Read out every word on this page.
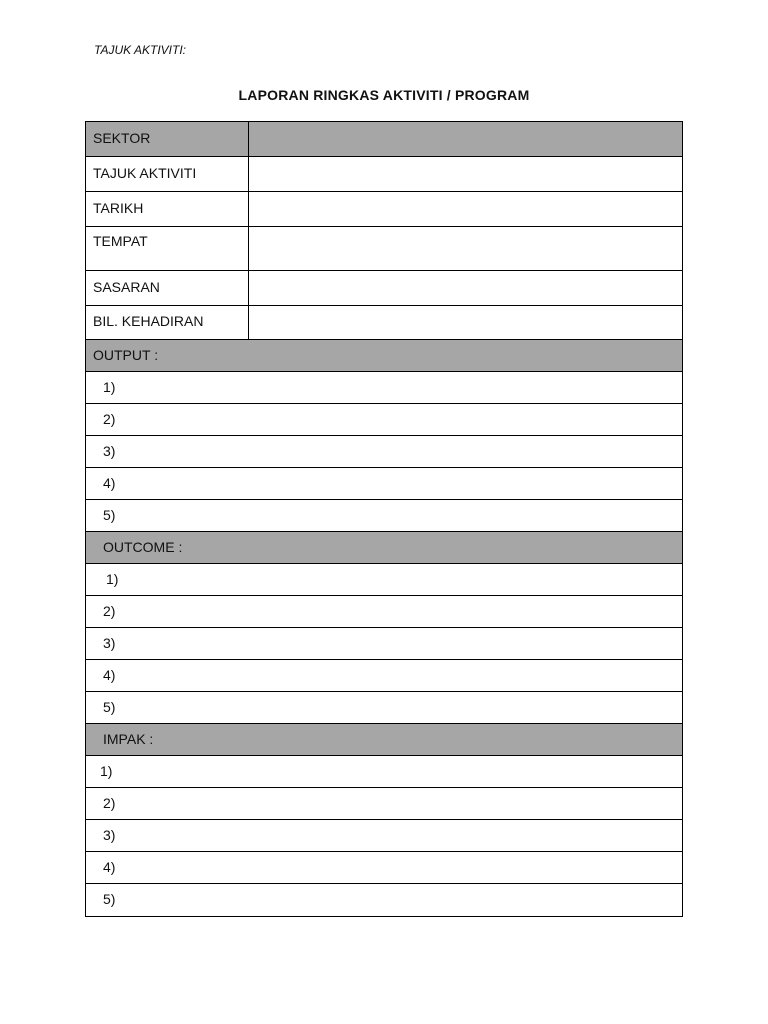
TAJUK AKTIVITI:
LAPORAN RINGKAS AKTIVITI / PROGRAM
SEKTOR
TAJUK AKTIVITI
TARIKH
TEMPAT
SASARAN
BIL. KEHADIRAN
OUTPUT :
1)
2)
3)
4)
5)
OUTCOME :
1)
2)
3)
4)
5)
IMPAK :
1)
2)
3)
4)
5)
